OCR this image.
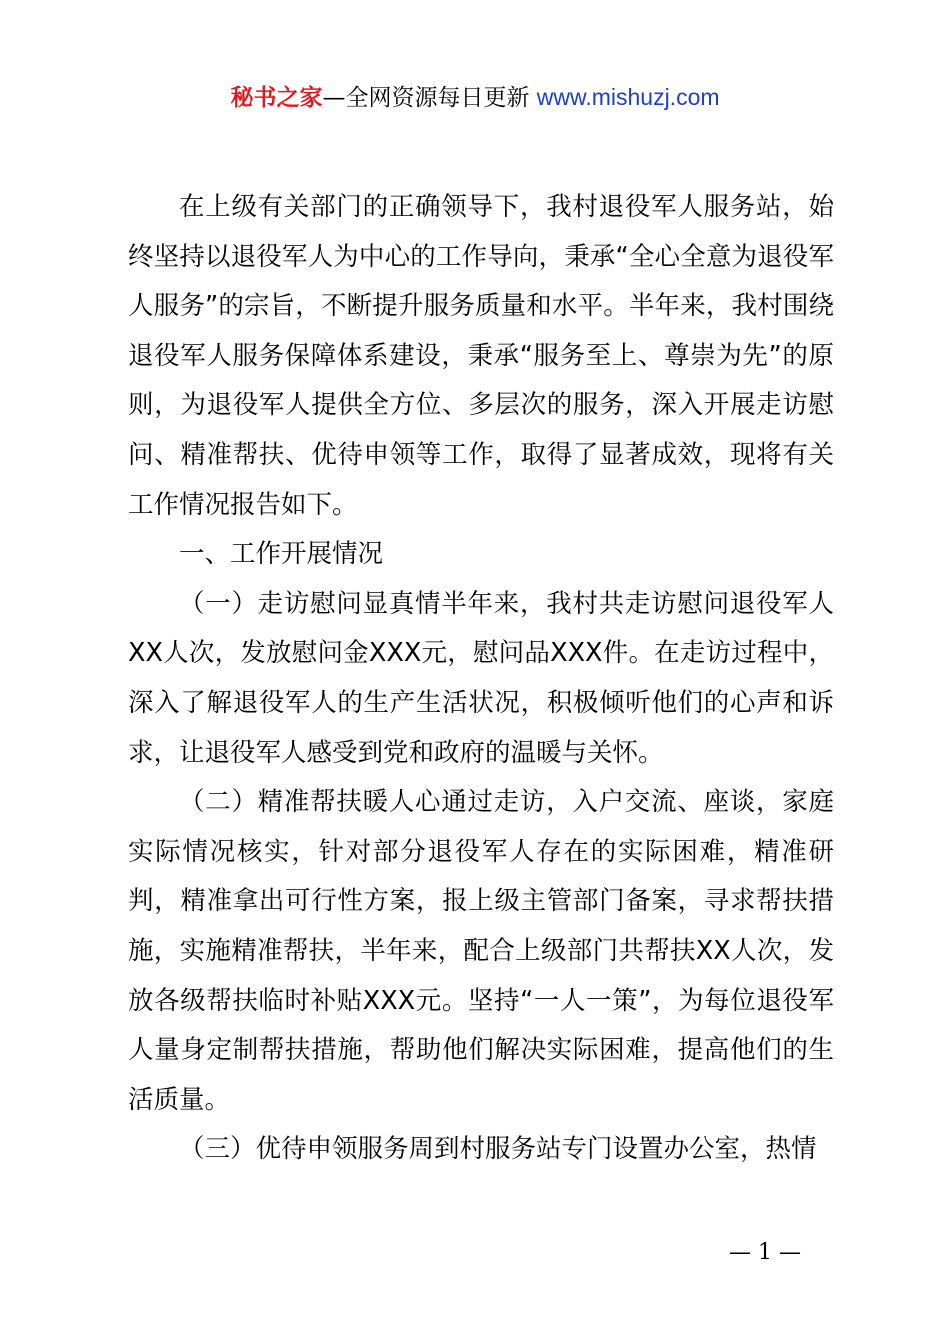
秘书之家—全网资源每日更新 www.mishuzj.com

在上级有关部门的正确领导下，我村退役军人服务站，始终坚持以退役军人为中心的工作导向，秉承“全心全意为退役军人服务”的宗旨，不断提升服务质量和水平。半年来，我村围绕退役军人服务保障体系建设，秉承“服务至上、尊崇为先”的原则，为退役军人提供全方位、多层次的服务，深入开展走访慰问、精准帮扶、优待申领等工作，取得了显著成效，现将有关工作情况报告如下。

一、工作开展情况

（一）走访慰问显真情半年来，我村共走访慰问退役军人XX人次，发放慰问金XXX元，慰问品XXX件。在走访过程中，深入了解退役军人的生产生活状况，积极倾听他们的心声和诉求，让退役军人感受到党和政府的温暖与关怀。

（二）精准帮扶暖人心通过走访，入户交流、座谈，家庭实际情况核实，针对部分退役军人存在的实际困难，精准研判，精准拿出可行性方案，报上级主管部门备案，寻求帮扶措施，实施精准帮扶，半年来，配合上级部门共帮扶XX人次，发放各级帮扶临时补贴XXX元。坚持“一人一策”，为每位退役军人量身定制帮扶措施，帮助他们解决实际困难，提高他们的生活质量。

（三）优待申领服务周到村服务站专门设置办公室，热情

— 1 —
